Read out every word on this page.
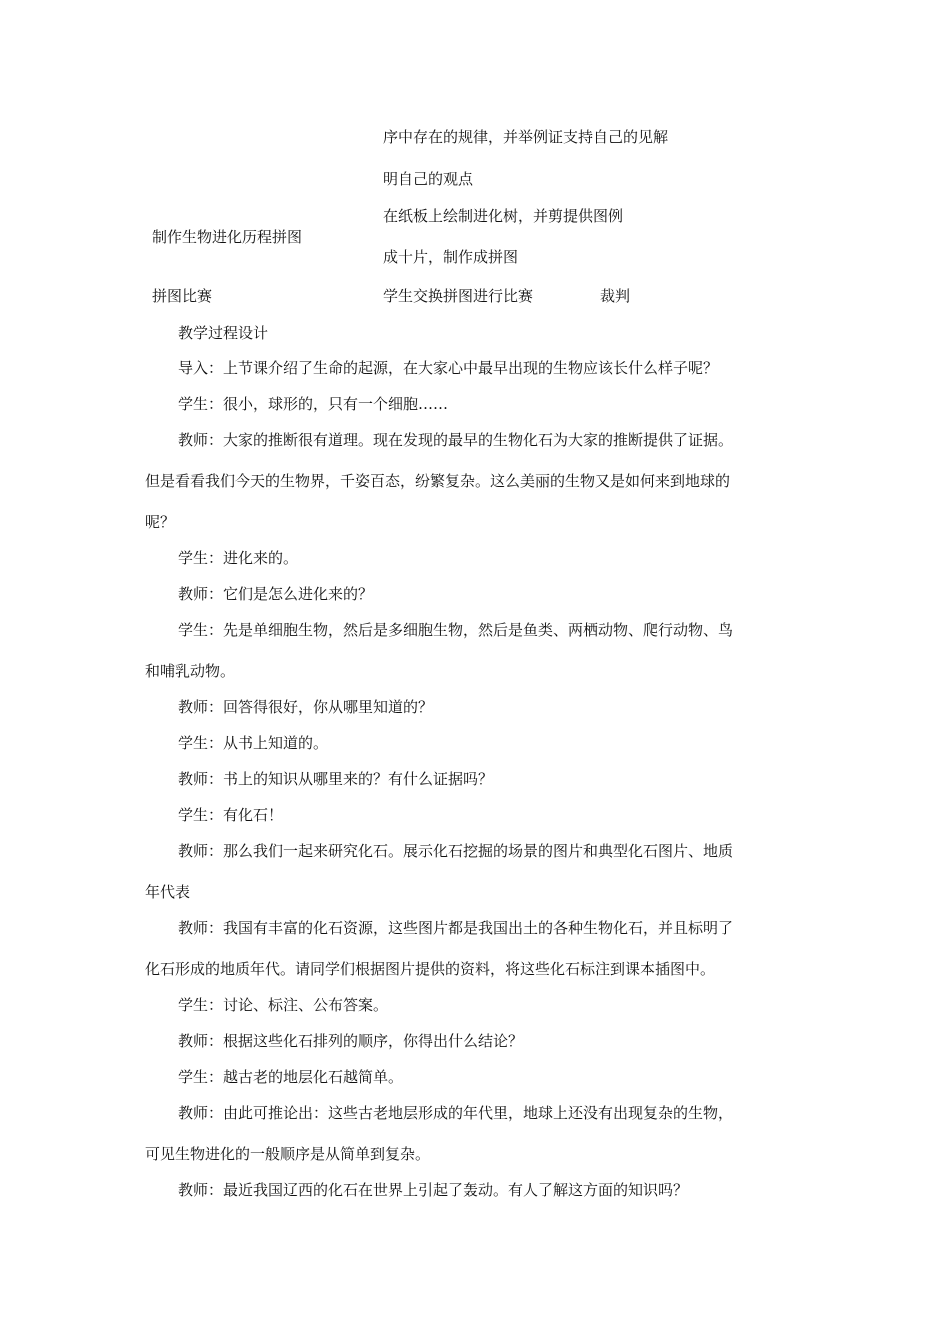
序中存在的规律，并举例证支持自己的见解
明自己的观点
在纸板上绘制进化树，并剪提供图例
制作生物进化历程拼图
成十片，制作成拼图
拼图比赛	学生交换拼图进行比赛	裁判
教学过程设计
导入：上节课介绍了生命的起源，在大家心中最早出现的生物应该长什么样子呢？
学生：很小，球形的，只有一个细胞……
教师：大家的推断很有道理。现在发现的最早的生物化石为大家的推断提供了证据。
但是看看我们今天的生物界，千姿百态，纷繁复杂。这么美丽的生物又是如何来到地球的
呢？
学生：进化来的。
教师：它们是怎么进化来的？
学生：先是单细胞生物，然后是多细胞生物，然后是鱼类、两栖动物、爬行动物、鸟
和哺乳动物。
教师：回答得很好，你从哪里知道的？
学生：从书上知道的。
教师：书上的知识从哪里来的？有什么证据吗？
学生：有化石！
教师：那么我们一起来研究化石。展示化石挖掘的场景的图片和典型化石图片、地质
年代表
教师：我国有丰富的化石资源，这些图片都是我国出土的各种生物化石，并且标明了
化石形成的地质年代。请同学们根据图片提供的资料，将这些化石标注到课本插图中。
学生：讨论、标注、公布答案。
教师：根据这些化石排列的顺序，你得出什么结论？
学生：越古老的地层化石越简单。
教师：由此可推论出：这些古老地层形成的年代里，地球上还没有出现复杂的生物，
可见生物进化的一般顺序是从简单到复杂。
教师：最近我国辽西的化石在世界上引起了轰动。有人了解这方面的知识吗？
